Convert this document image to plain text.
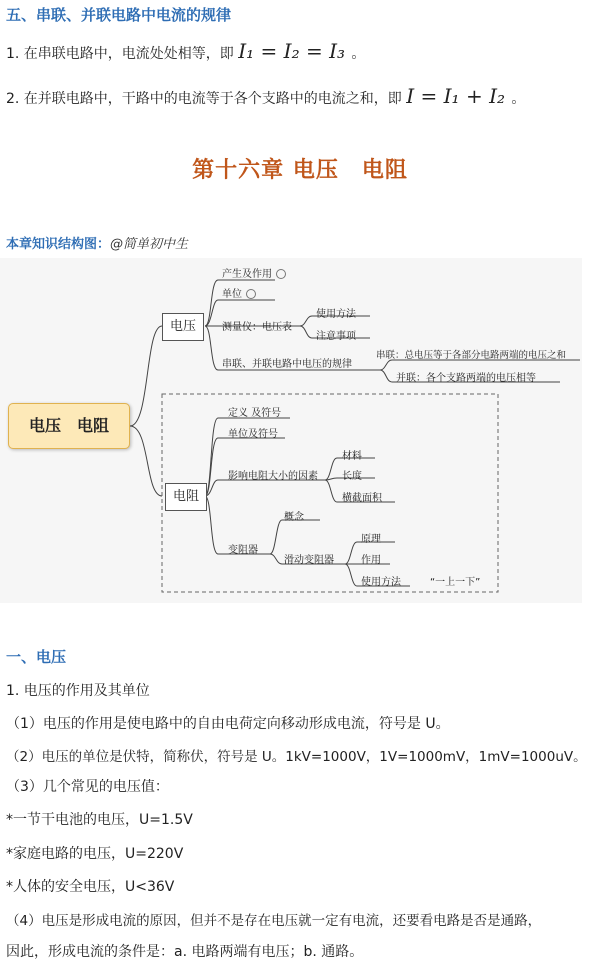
五、串联、并联电路中电流的规律
1. 在串联电路中，电流处处相等，即 I₁ = I₂ = I₃ 。
2. 在并联电路中，干路中的电流等于各个支路中的电流之和，即 I = I₁ + I₂ 。
第十六章 电压　电阻
本章知识结构图：@简单初中生
电压　电阻
电压
电阻
产生及作用
单位
测量仪：电压表
串联、并联电路中电压的规律
使用方法
注意事项
串联：总电压等于各部分电路两端的电压之和
并联：各个支路两端的电压相等
定义 及符号
单位及符号
影响电阻大小的因素
变阻器
材料
长度
横截面积
概念
滑动变阻器
原理
作用
使用方法	“一上一下”
一、电压
1. 电压的作用及其单位
（1）电压的作用是使电路中的自由电荷定向移动形成电流，符号是 U。
（2）电压的单位是伏特，简称伏，符号是 U。1kV=1000V，1V=1000mV，1mV=1000uV。
（3）几个常见的电压值：
*一节干电池的电压，U=1.5V
*家庭电路的电压，U=220V
*人体的安全电压，U<36V
（4）电压是形成电流的原因，但并不是存在电压就一定有电流，还要看电路是否是通路，
因此，形成电流的条件是：a. 电路两端有电压；b. 通路。
